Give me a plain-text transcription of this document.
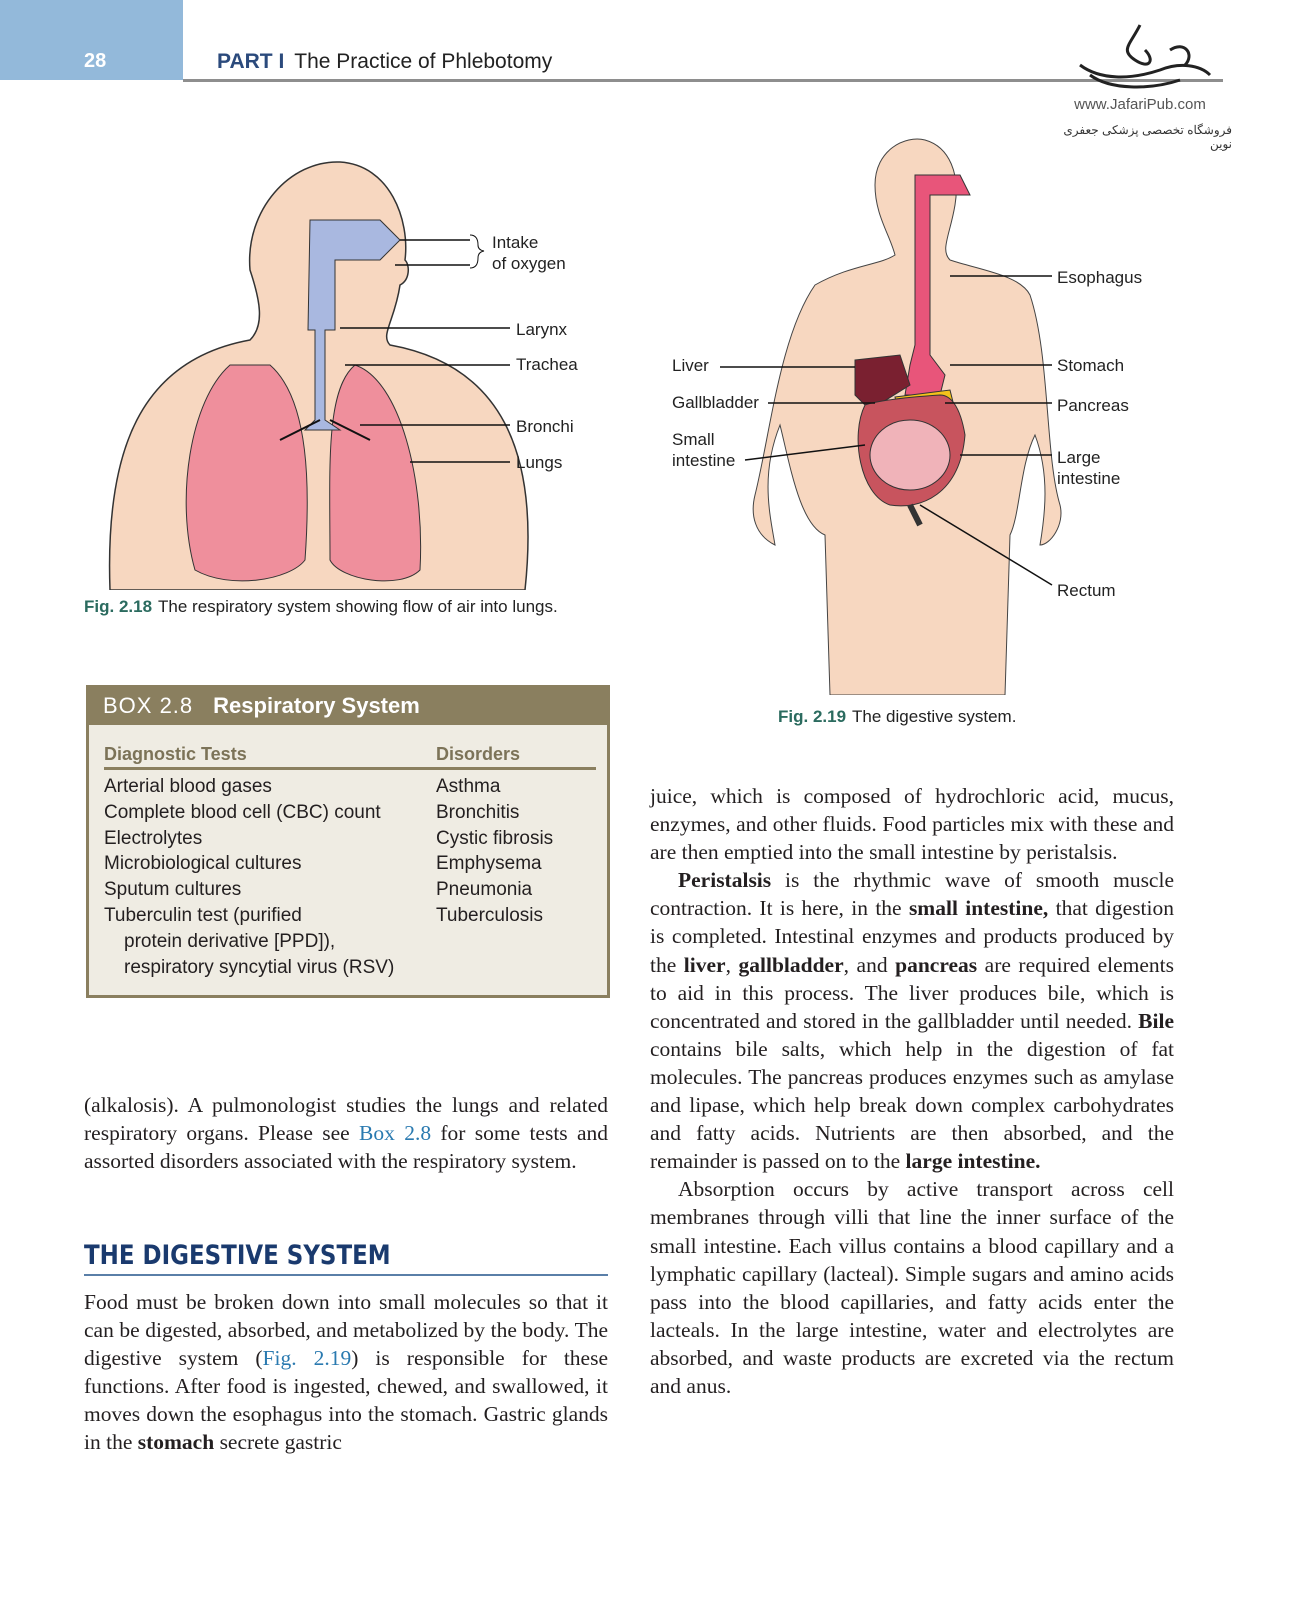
28	PART I The Practice of Phlebotomy
www.JafariPub.com
فروشگاه تخصصی پزشکی جعفری نوین
Intake
of oxygen
Larynx
Trachea
Bronchi
Lungs
Fig. 2.18 The respiratory system showing flow of air into lungs.
Esophagus
Stomach
Pancreas
Large
intestine
Rectum
Liver
Gallbladder
Small
intestine
Fig. 2.19 The digestive system.
BOX 2.8 Respiratory System
Diagnostic Tests	Disorders
Arterial blood gases
Complete blood cell (CBC) count
Electrolytes
Microbiological cultures
Sputum cultures
Tuberculin test (purified
protein derivative [PPD]),
respiratory syncytial virus (RSV)
Asthma
Bronchitis
Cystic fibrosis
Emphysema
Pneumonia
Tuberculosis
(alkalosis). A pulmonologist studies the lungs and related respiratory organs. Please see Box 2.8 for some tests and assorted disorders associated with the respiratory system.
THE DIGESTIVE SYSTEM
Food must be broken down into small molecules so that it can be digested, absorbed, and metabolized by the body. The digestive system (Fig. 2.19) is responsible for these functions. After food is ingested, chewed, and swallowed, it moves down the esophagus into the stomach. Gastric glands in the stomach secrete gastric

juice, which is composed of hydrochloric acid, mucus, enzymes, and other fluids. Food particles mix with these and are then emptied into the small intestine by peristalsis.

Peristalsis is the rhythmic wave of smooth muscle contraction. It is here, in the small intestine, that digestion is completed. Intestinal enzymes and products produced by the liver, gallbladder, and pancreas are required elements to aid in this process. The liver produces bile, which is concentrated and stored in the gallbladder until needed. Bile contains bile salts, which help in the digestion of fat molecules. The pancreas produces enzymes such as amylase and lipase, which help break down complex carbohydrates and fatty acids. Nutrients are then absorbed, and the remainder is passed on to the large intestine.

Absorption occurs by active transport across cell membranes through villi that line the inner surface of the small intestine. Each villus contains a blood capillary and a lymphatic capillary (lacteal). Simple sugars and amino acids pass into the blood capillaries, and fatty acids enter the lacteals. In the large intestine, water and electrolytes are absorbed, and waste products are excreted via the rectum and anus.
